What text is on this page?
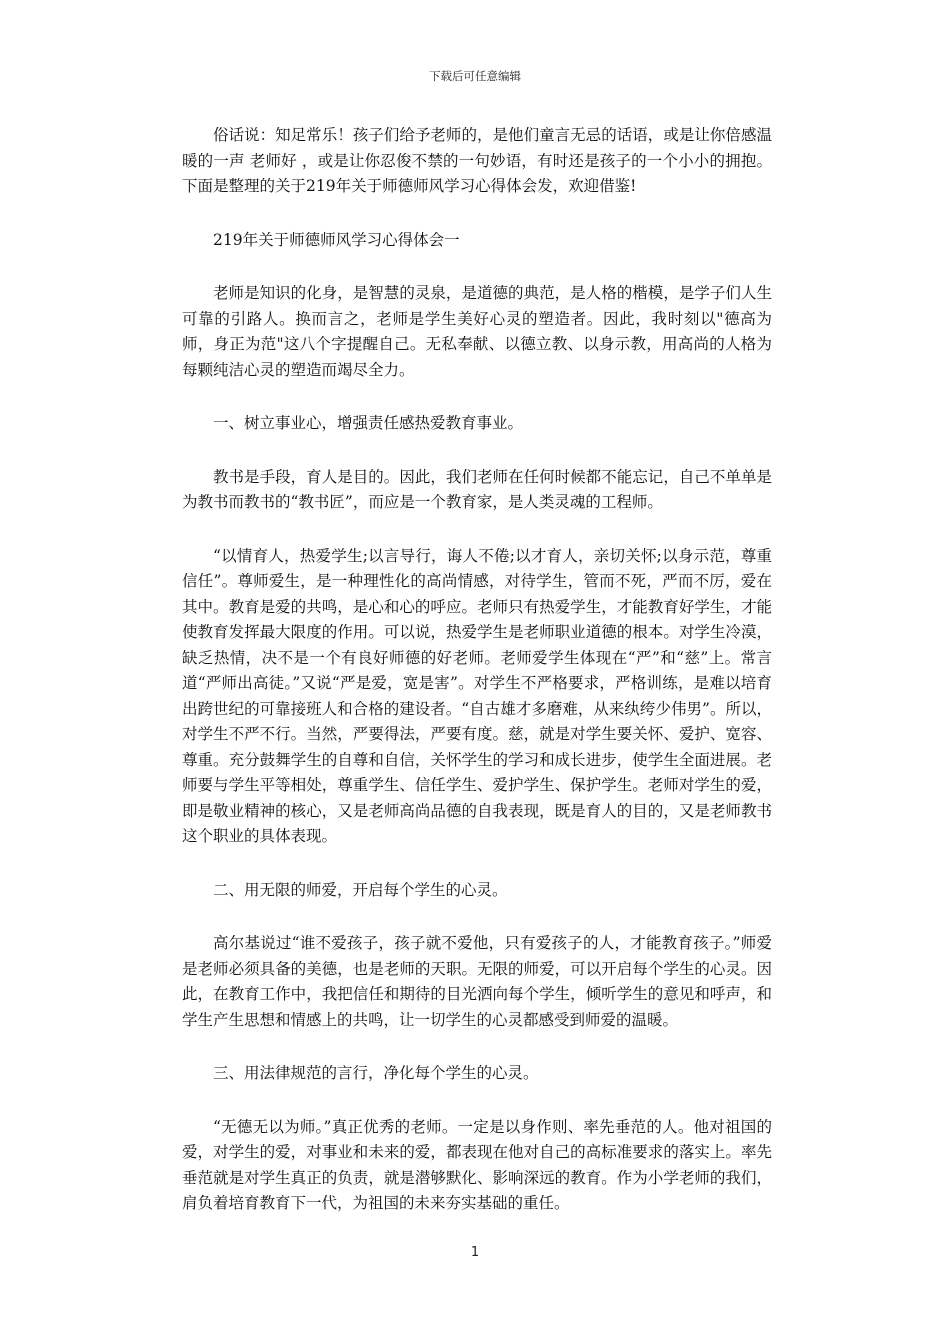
下载后可任意编辑

俗话说：知足常乐！孩子们给予老师的，是他们童言无忌的话语，或是让你倍感温暖的一声 老师好 ，或是让你忍俊不禁的一句妙语，有时还是孩子的一个小小的拥抱。下面是整理的关于219年关于师德师风学习心得体会发，欢迎借鉴!

219年关于师德师风学习心得体会一

老师是知识的化身，是智慧的灵泉，是道德的典范，是人格的楷模，是学子们人生可靠的引路人。换而言之，老师是学生美好心灵的塑造者。因此，我时刻以"德高为师，身正为范"这八个字提醒自己。无私奉献、以德立教、以身示教，用高尚的人格为每颗纯洁心灵的塑造而竭尽全力。

一、树立事业心，增强责任感热爱教育事业。

教书是手段，育人是目的。因此，我们老师在任何时候都不能忘记，自己不单单是为教书而教书的“教书匠”，而应是一个教育家，是人类灵魂的工程师。

“以情育人，热爱学生;以言导行，诲人不倦;以才育人，亲切关怀;以身示范，尊重信任”。尊师爱生，是一种理性化的高尚情感，对待学生，管而不死，严而不厉，爱在其中。教育是爱的共鸣，是心和心的呼应。老师只有热爱学生，才能教育好学生，才能使教育发挥最大限度的作用。可以说，热爱学生是老师职业道德的根本。对学生冷漠，缺乏热情，决不是一个有良好师德的好老师。老师爱学生体现在“严”和“慈”上。常言道“严师出高徒。”又说“严是爱，宽是害”。对学生不严格要求，严格训练，是难以培育出跨世纪的可靠接班人和合格的建设者。“自古雄才多磨难，从来纨绔少伟男”。所以，对学生不严不行。当然，严要得法，严要有度。慈，就是对学生要关怀、爱护、宽容、尊重。充分鼓舞学生的自尊和自信，关怀学生的学习和成长进步，使学生全面进展。老师要与学生平等相处，尊重学生、信任学生、爱护学生、保护学生。老师对学生的爱，即是敬业精神的核心，又是老师高尚品德的自我表现，既是育人的目的，又是老师教书这个职业的具体表现。

二、用无限的师爱，开启每个学生的心灵。

高尔基说过“谁不爱孩子，孩子就不爱他，只有爱孩子的人，才能教育孩子。”师爱是老师必须具备的美德，也是老师的天职。无限的师爱，可以开启每个学生的心灵。因此，在教育工作中，我把信任和期待的目光洒向每个学生，倾听学生的意见和呼声，和学生产生思想和情感上的共鸣，让一切学生的心灵都感受到师爱的温暖。

三、用法律规范的言行，净化每个学生的心灵。

“无德无以为师。”真正优秀的老师。一定是以身作则、率先垂范的人。他对祖国的爱，对学生的爱，对事业和未来的爱，都表现在他对自己的高标准要求的落实上。率先垂范就是对学生真正的负责，就是潜够默化、影响深远的教育。作为小学老师的我们，肩负着培育教育下一代，为祖国的未来夯实基础的重任。

1
